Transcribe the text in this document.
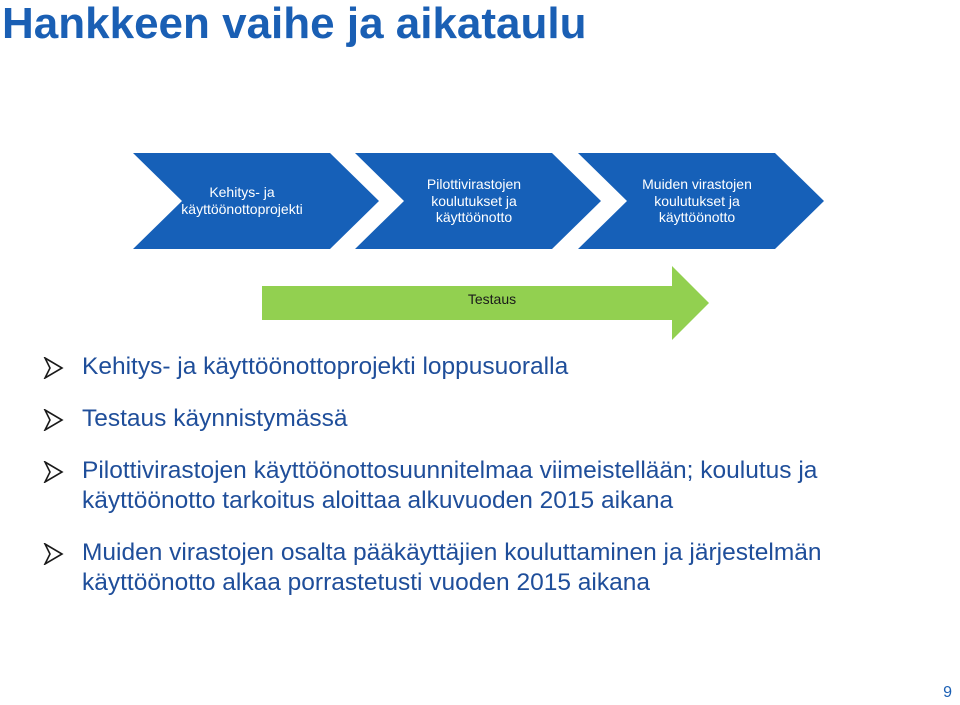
Hankkeen vaihe ja aikataulu
Kehitys- ja
käyttöönottoprojekti
Pilottivirastojen
koulutukset ja
käyttöönotto
Muiden virastojen
koulutukset ja
käyttöönotto
Testaus
Kehitys- ja käyttöönottoprojekti loppusuoralla
Testaus käynnistymässä
Pilottivirastojen käyttöönottosuunnitelmaa viimeistellään; koulutus ja käyttöönotto tarkoitus aloittaa alkuvuoden 2015 aikana
Muiden virastojen osalta pääkäyttäjien kouluttaminen ja järjestelmän käyttöönotto alkaa porrastetusti vuoden 2015 aikana
9
